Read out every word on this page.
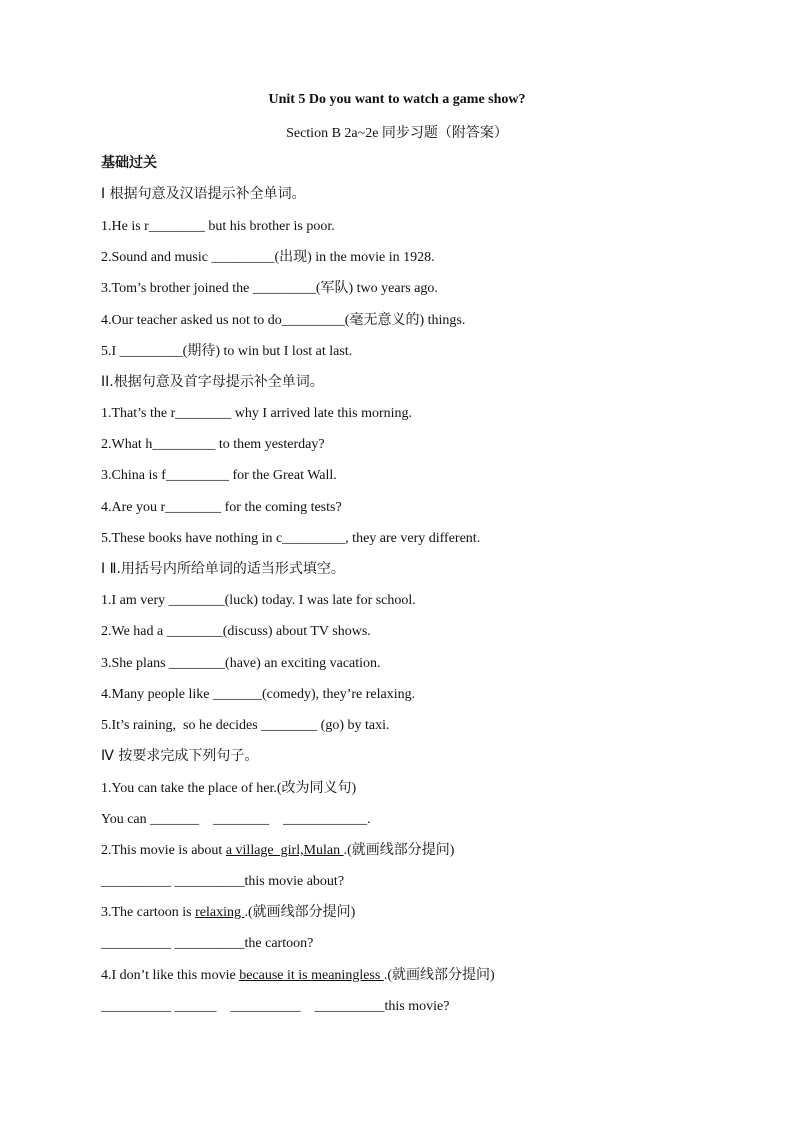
Unit 5 Do you want to watch a game show?
Section B 2a~2e 同步习题（附答案）
基础过关
I 根据句意及汉语提示补全单词。
1.He is r________ but his brother is poor.
2.Sound and music _________(出现) in the movie in 1928.
3.Tom’s brother joined the _________(军队) two years ago.
4.Our teacher asked us not to do_________(毫无意义的) things.
5.I _________(期待) to win but I lost at last.
II.根据句意及首字母提示补全单词。
1.That’s the r________ why I arrived late this morning.
2.What h_________ to them yesterday?
3.China is f_________ for the Great Wall.
4.Are you r________ for the coming tests?
5.These books have nothing in c_________, they are very different.
I Ⅱ.用括号内所给单词的适当形式填空。
1.I am very ________(luck) today. I was late for school.
2.We had a ________(discuss) about TV shows.
3.She plans ________(have) an exciting vacation.
4.Many people like _______(comedy), they’re relaxing.
5.It’s raining,  so he decides ________ (go) by taxi.
Ⅳ 按要求完成下列句子。
1.You can take the place of her.(改为同义句)
You can _______    ________    ____________.
2.This movie is about a village  girl,Mulan .(就画线部分提问)
__________ __________this movie about?
3.The cartoon is relaxing .(就画线部分提问)
__________ __________the cartoon?
4.I don’t like this movie because it is meaningless .(就画线部分提问)
__________ ______    __________    __________this movie?
